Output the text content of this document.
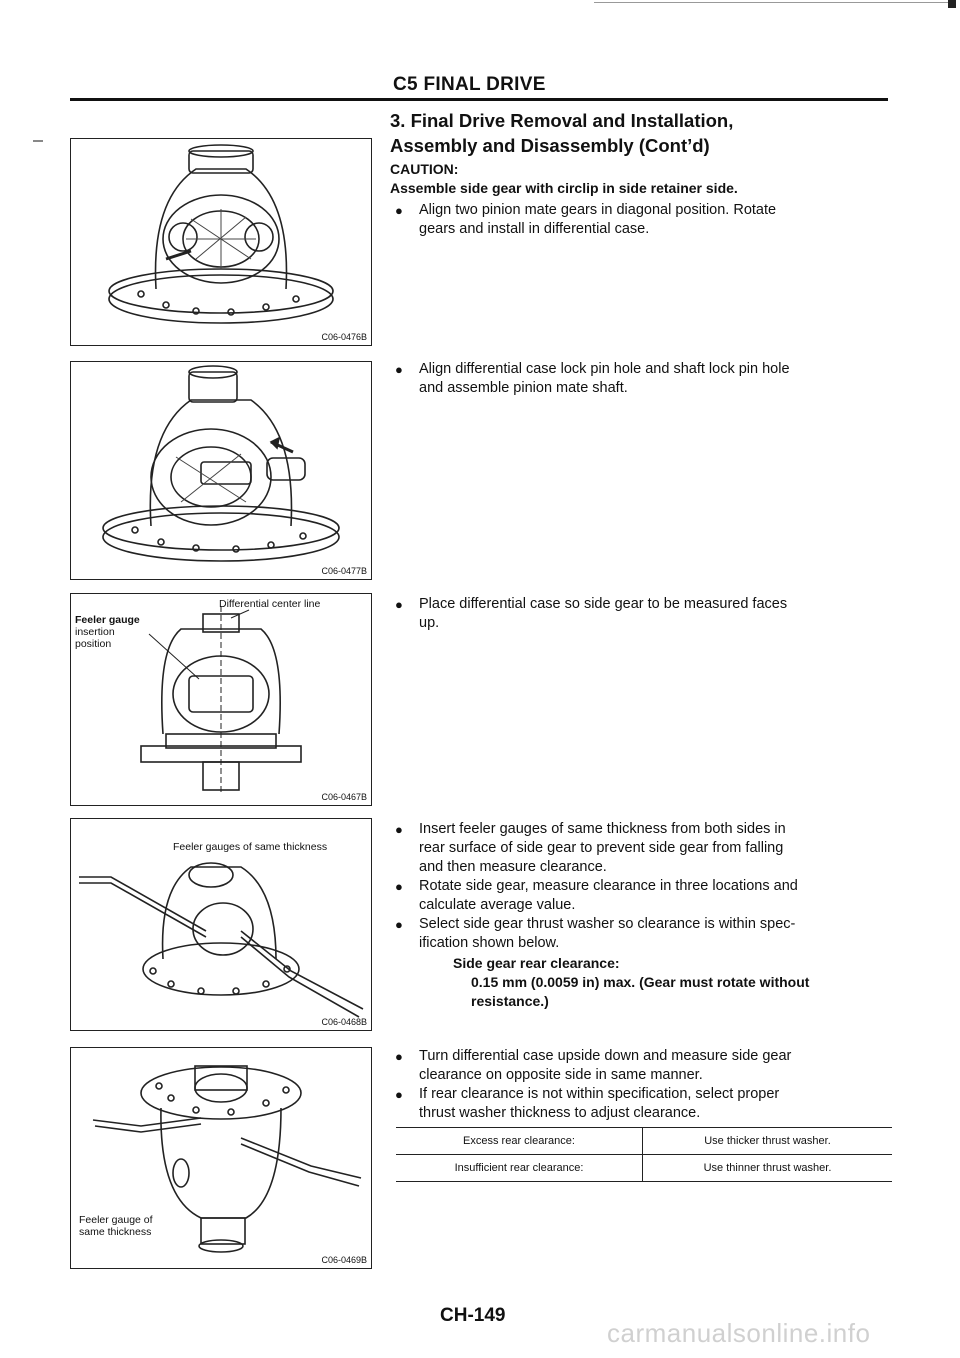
C5 FINAL DRIVE
3. Final Drive Removal and Installation,
Assembly and Disassembly (Cont’d)
CAUTION:
Assemble side gear with circlip in side retainer side.
● Align two pinion mate gears in diagonal position. Rotate
gears and install in differential case.
● Align differential case lock pin hole and shaft lock pin hole
and assemble pinion mate shaft.
● Place differential case so side gear to be measured faces
up.
● Insert feeler gauges of same thickness from both sides in
rear surface of side gear to prevent side gear from falling
and then measure clearance.
● Rotate side gear, measure clearance in three locations and
calculate average value.
● Select side gear thrust washer so clearance is within spec-
ification shown below.
Side gear rear clearance:
0.15 mm (0.0059 in) max. (Gear must rotate without
resistance.)
● Turn differential case upside down and measure side gear
clearance on opposite side in same manner.
● If rear clearance is not within specification, select proper
thrust washer thickness to adjust clearance.
Excess rear clearance:	Use thicker thrust washer.
Insufficient rear clearance:	Use thinner thrust washer.
C06-0476B
C06-0477B
Differential center line
Feeler gauge
insertion
position
C06-0467B
Feeler gauges of same thickness
C06-0468B
Feeler gauge of
same thickness
C06-0469B
CH-149
carmanualsonline.info
